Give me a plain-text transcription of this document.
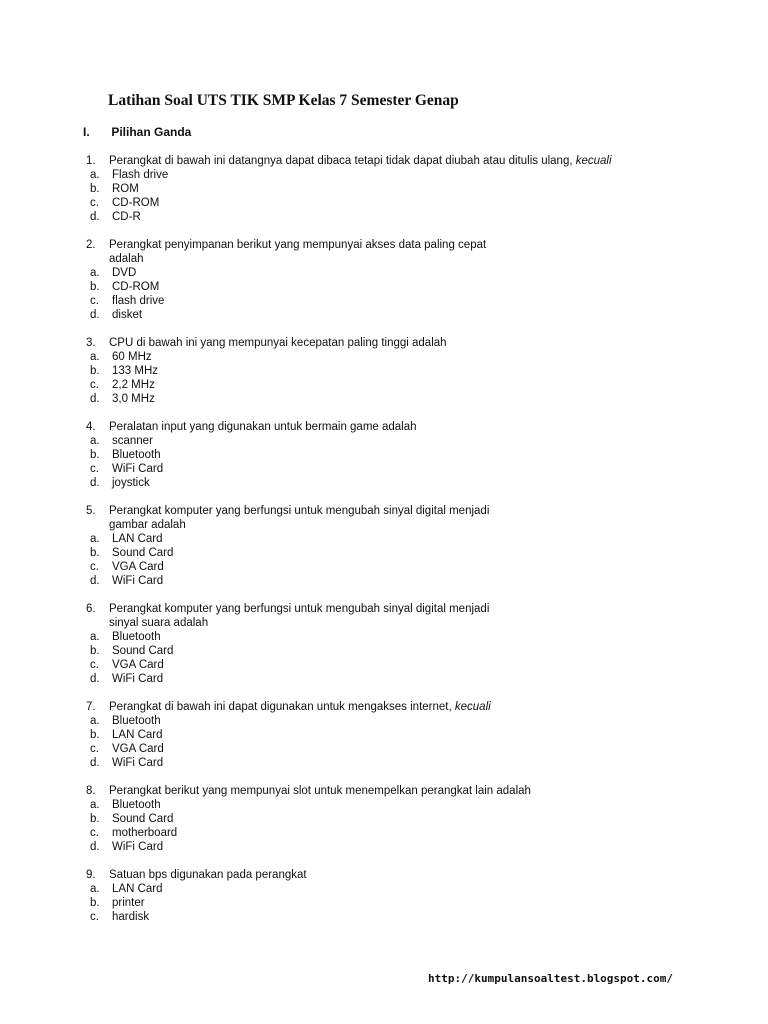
Latihan Soal UTS TIK SMP Kelas 7 Semester Genap
I. Pilihan Ganda
1. Perangkat di bawah ini datangnya dapat dibaca tetapi tidak dapat diubah atau ditulis ulang, kecuali
a. Flash drive
b. ROM
c. CD-ROM
d. CD-R
2. Perangkat penyimpanan berikut yang mempunyai akses data paling cepat
adalah
a. DVD
b. CD-ROM
c. flash drive
d. disket
3. CPU di bawah ini yang mempunyai kecepatan paling tinggi adalah
a. 60 MHz
b. 133 MHz
c. 2,2 MHz
d. 3,0 MHz
4. Peralatan input yang digunakan untuk bermain game adalah
a. scanner
b. Bluetooth
c. WiFi Card
d. joystick
5. Perangkat komputer yang berfungsi untuk mengubah sinyal digital menjadi
gambar adalah
a. LAN Card
b. Sound Card
c. VGA Card
d. WiFi Card
6. Perangkat komputer yang berfungsi untuk mengubah sinyal digital menjadi
sinyal suara adalah
a. Bluetooth
b. Sound Card
c. VGA Card
d. WiFi Card
7. Perangkat di bawah ini dapat digunakan untuk mengakses internet, kecuali
a. Bluetooth
b. LAN Card
c. VGA Card
d. WiFi Card
8. Perangkat berikut yang mempunyai slot untuk menempelkan perangkat lain adalah
a. Bluetooth
b. Sound Card
c. motherboard
d. WiFi Card
9. Satuan bps digunakan pada perangkat
a. LAN Card
b. printer
c. hardisk
http://kumpulansoaltest.blogspot.com/
